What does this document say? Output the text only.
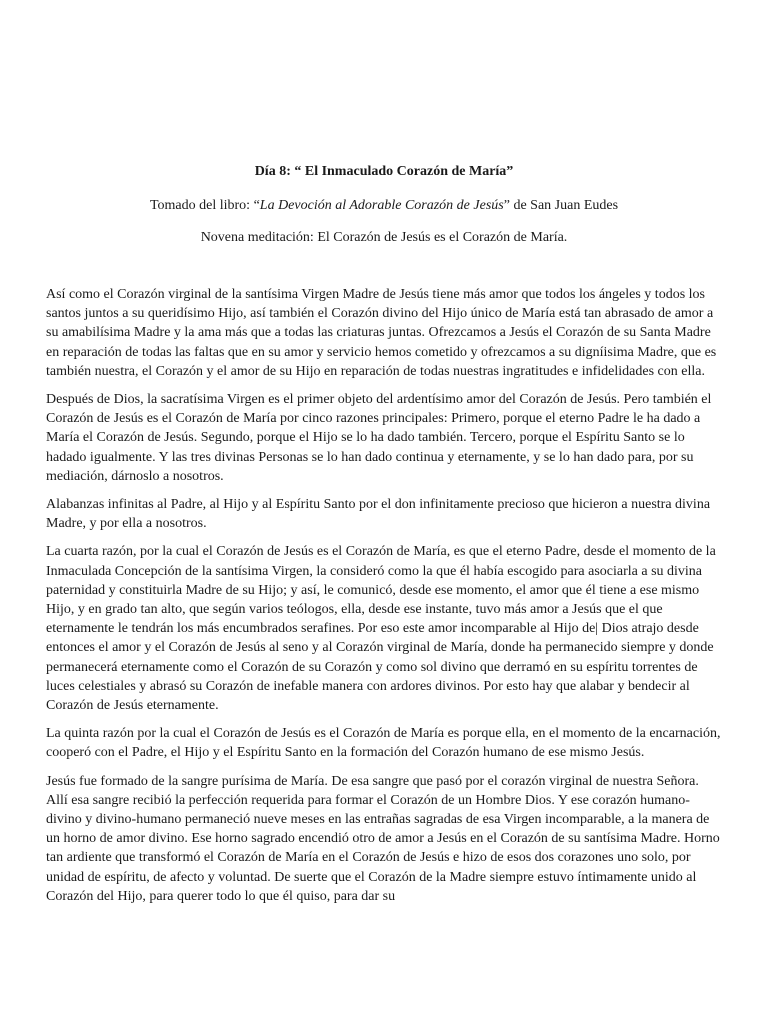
Día 8: “ El Inmaculado Corazón de María”

Tomado del libro: “La Devoción al Adorable Corazón de Jesús” de San Juan Eudes

Novena meditación: El Corazón de Jesús es el Corazón de María.

Así como el Corazón virginal de la santísima Virgen Madre de Jesús tiene más amor que todos los ángeles y todos los santos juntos a su queridísimo Hijo, así también el Corazón divino del Hijo único de María está tan abrasado de amor a su amabilísima Madre y la ama más que a todas las criaturas juntas. Ofrezcamos a Jesús el Corazón de su Santa Madre en reparación de todas las faltas que en su amor y servicio hemos cometido y ofrezcamos a su digníisima Madre, que es también nuestra, el Corazón y el amor de su Hijo en reparación de todas nuestras ingratitudes e infidelidades con ella.

Después de Dios, la sacratísima Virgen es el primer objeto del ardentísimo amor del Corazón de Jesús. Pero también el Corazón de Jesús es el Corazón de María por cinco razones principales: Primero, porque el eterno Padre le ha dado a María el Corazón de Jesús. Segundo, porque el Hijo se lo ha dado también. Tercero, porque el Espíritu Santo se lo hadado igualmente. Y las tres divinas Personas se lo han dado continua y eternamente, y se lo han dado para, por su mediación, dárnoslo a nosotros.

Alabanzas infinitas al Padre, al Hijo y al Espíritu Santo por el don infinitamente precioso que hicieron a nuestra divina Madre, y por ella a nosotros.

La cuarta razón, por la cual el Corazón de Jesús es el Corazón de María, es que el eterno Padre, desde el momento de la Inmaculada Concepción de la santísima Virgen, la consideró como la que él había escogido para asociarla a su divina paternidad y constituirla Madre de su Hijo; y así, le comunicó, desde ese momento, el amor que él tiene a ese mismo Hijo, y en grado tan alto, que según varios teólogos, ella, desde ese instante, tuvo más amor a Jesús que el que eternamente le tendrán los más encumbrados serafines. Por eso este amor incomparable al Hijo de| Dios atrajo desde entonces el amor y el Corazón de Jesús al seno y al Corazón virginal de María, donde ha permanecido siempre y donde permanecerá eternamente como el Corazón de su Corazón y como sol divino que derramó en su espíritu torrentes de luces celestiales y abrasó su Corazón de inefable manera con ardores divinos. Por esto hay que alabar y bendecir al Corazón de Jesús eternamente.

La quinta razón por la cual el Corazón de Jesús es el Corazón de María es porque ella, en el momento de la encarnación, cooperó con el Padre, el Hijo y el Espíritu Santo en la formación del Corazón humano de ese mismo Jesús.

Jesús fue formado de la sangre purísima de María. De esa sangre que pasó por el corazón virginal de nuestra Señora. Allí esa sangre recibió la perfección requerida para formar el Corazón de un Hombre Dios. Y ese corazón humano- divino y divino-humano permaneció nueve meses en las entrañas sagradas de esa Virgen incomparable, a la manera de un horno de amor divino. Ese horno sagrado encendió otro de amor a Jesús en el Corazón de su santísima Madre. Horno tan ardiente que transformó el Corazón de María en el Corazón de Jesús e hizo de esos dos corazones uno solo, por unidad de espíritu, de afecto y voluntad. De suerte que el Corazón de la Madre siempre estuvo íntimamente unido al Corazón del Hijo, para querer todo lo que él quiso, para dar su
